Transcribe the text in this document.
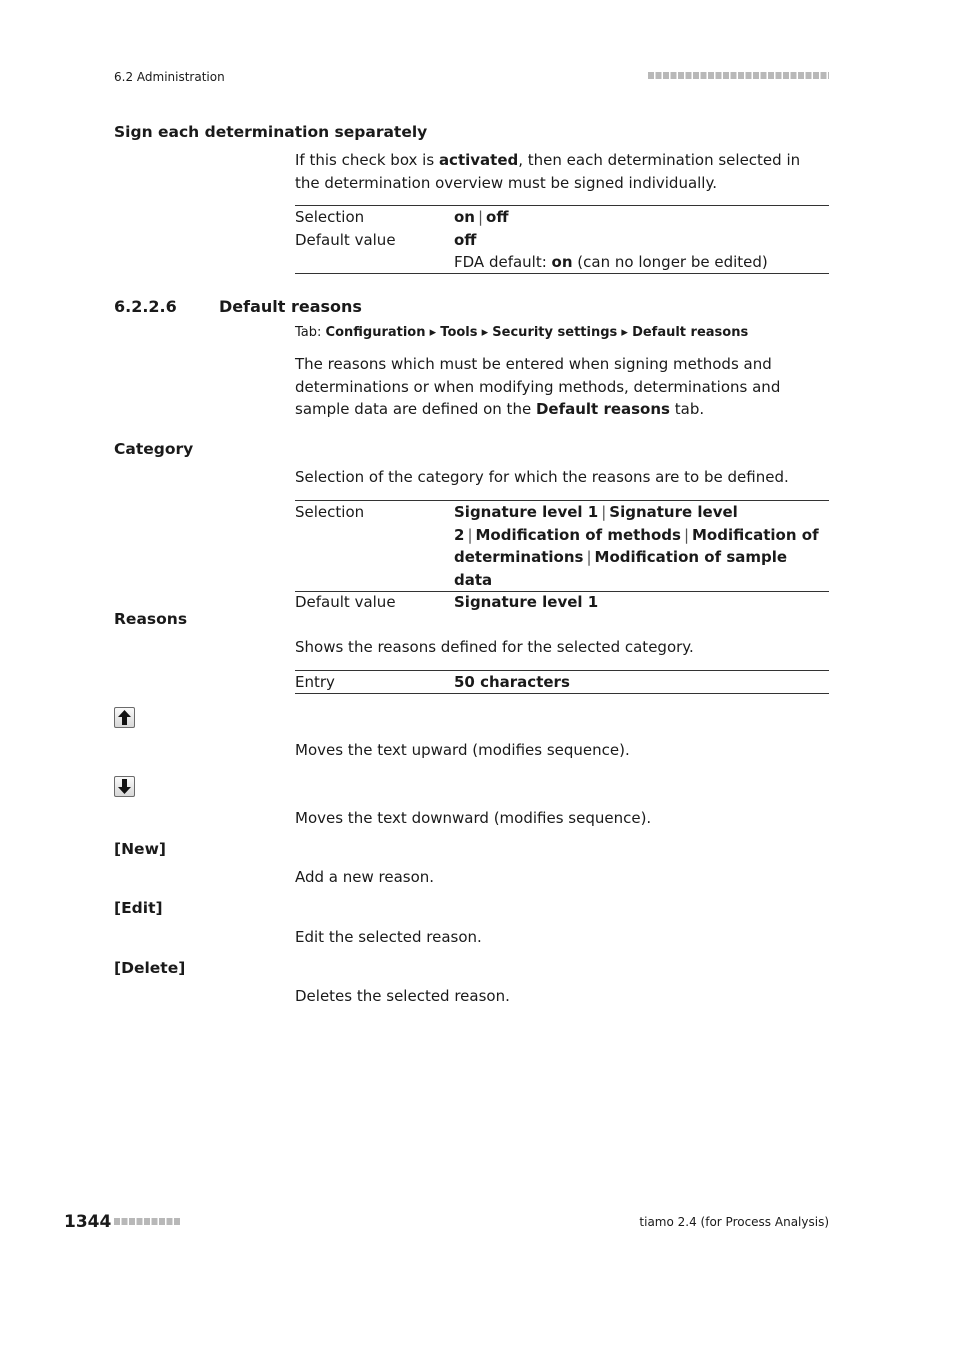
6.2 Administration
Sign each determination separately
If this check box is activated, then each determination selected in the determination overview must be signed individually.
Selection	on | off
Default value	off
FDA default: on (can no longer be edited)
6.2.2.6	Default reasons
Tab: Configuration ▸ Tools ▸ Security settings ▸ Default reasons
The reasons which must be entered when signing methods and determinations or when modifying methods, determinations and sample data are defined on the Default reasons tab.
Category
Selection of the category for which the reasons are to be defined.
Selection	Signature level 1 | Signature level 2 | Modification of methods | Modification of determinations | Modification of sample data
Default value	Signature level 1
Reasons
Shows the reasons defined for the selected category.
Entry	50 characters
Moves the text upward (modifies sequence).
Moves the text downward (modifies sequence).
[New]
Add a new reason.
[Edit]
Edit the selected reason.
[Delete]
Deletes the selected reason.
1344	tiamo 2.4 (for Process Analysis)
